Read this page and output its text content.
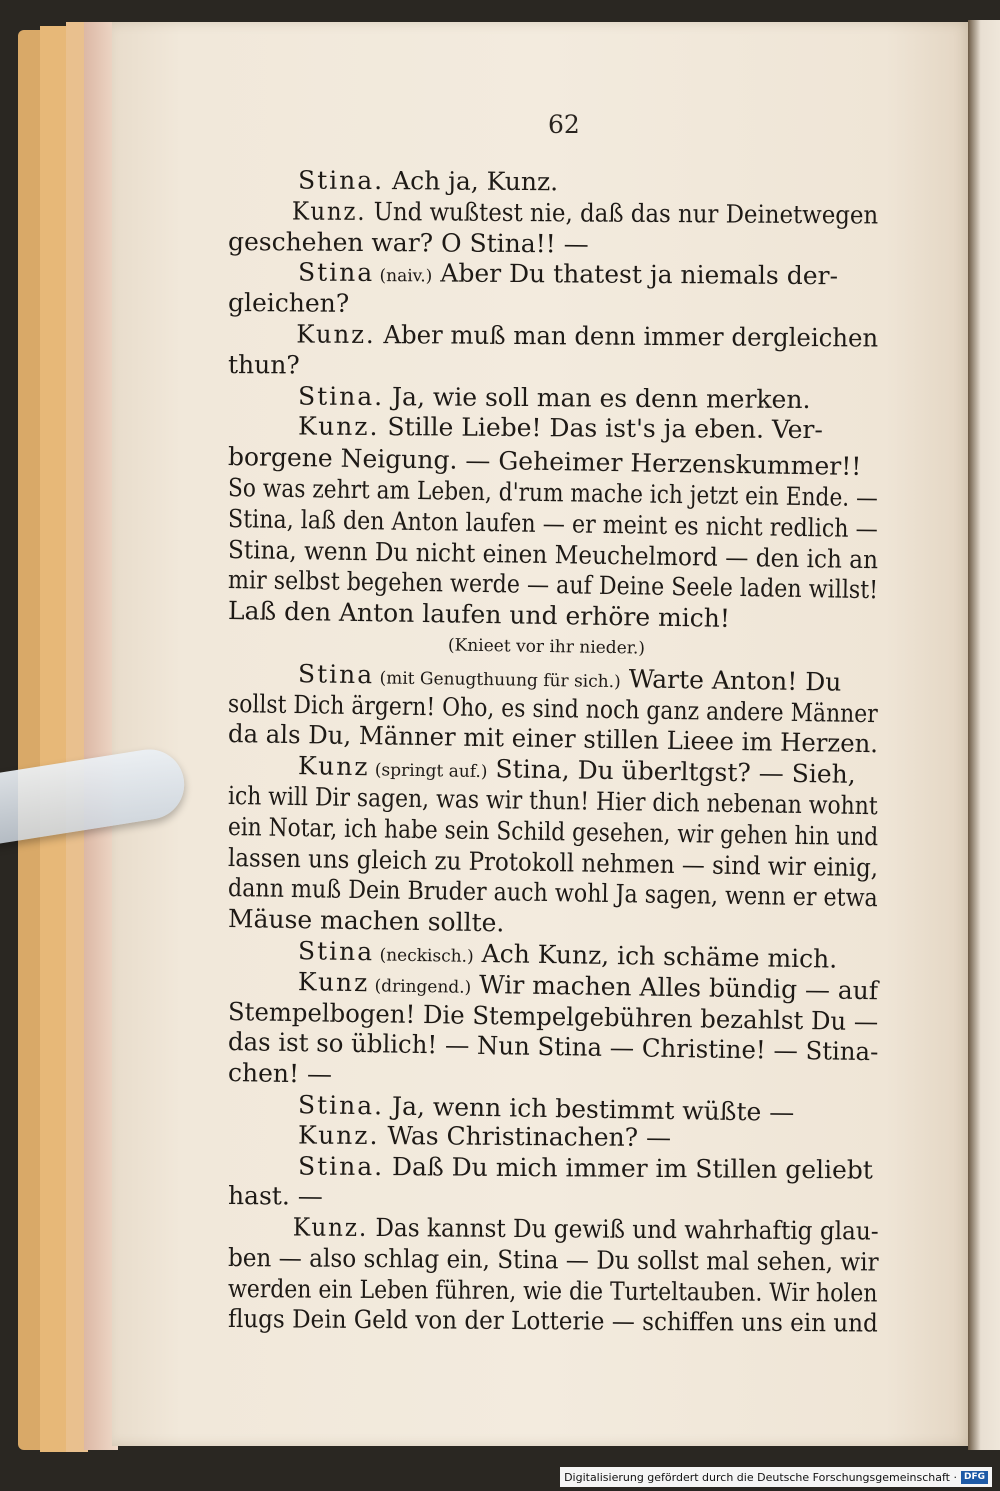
62
Stina. Ach ja, Kunz.
Kunz. Und wußtest nie, daß das nur Deinetwegen
geschehen war? O Stina!! —
Stina (naiv.) Aber Du thatest ja niemals der-
gleichen?
Kunz. Aber muß man denn immer dergleichen
thun?
Stina. Ja, wie soll man es denn merken.
Kunz. Stille Liebe! Das ist's ja eben. Ver-
borgene Neigung. — Geheimer Herzenskummer!!
So was zehrt am Leben, d'rum mache ich jetzt ein Ende. —
Stina, laß den Anton laufen — er meint es nicht redlich —
Stina, wenn Du nicht einen Meuchelmord — den ich an
mir selbst begehen werde — auf Deine Seele laden willst!
Laß den Anton laufen und erhöre mich!
(Knieet vor ihr nieder.)
Stina (mit Genugthuung für sich.) Warte Anton! Du
sollst Dich ärgern! Oho, es sind noch ganz andere Männer
da als Du, Männer mit einer stillen Lieee im Herzen.
Kunz (springt auf.) Stina, Du überltgst? — Sieh,
ich will Dir sagen, was wir thun! Hier dich nebenan wohnt
ein Notar, ich habe sein Schild gesehen, wir gehen hin und
lassen uns gleich zu Protokoll nehmen — sind wir einig,
dann muß Dein Bruder auch wohl Ja sagen, wenn er etwa
Mäuse machen sollte.
Stina (neckisch.) Ach Kunz, ich schäme mich.
Kunz (dringend.) Wir machen Alles bündig — auf
Stempelbogen! Die Stempelgebühren bezahlst Du —
das ist so üblich! — Nun Stina — Christine! — Stina-
chen! —
Stina. Ja, wenn ich bestimmt wüßte —
Kunz. Was Christinachen? —
Stina. Daß Du mich immer im Stillen geliebt
hast. —
Kunz. Das kannst Du gewiß und wahrhaftig glau-
ben — also schlag ein, Stina — Du sollst mal sehen, wir
werden ein Leben führen, wie die Turteltauben. Wir holen
flugs Dein Geld von der Lotterie — schiffen uns ein und
Digitalisierung gefördert durch die Deutsche Forschungsgemeinschaft · DFG
